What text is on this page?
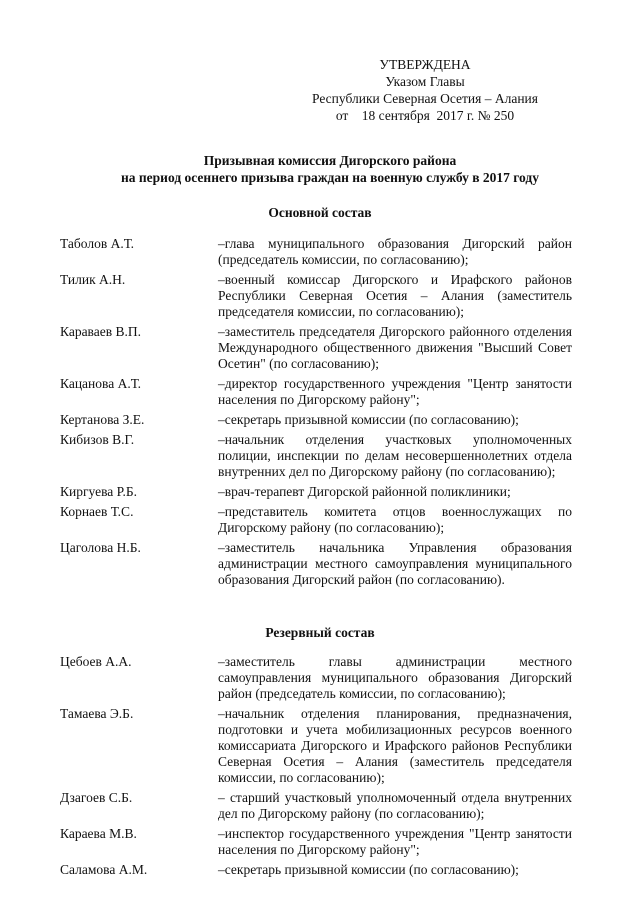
УТВЕРЖДЕНА
Указом Главы
Республики Северная Осетия – Алания
от    18 сентября  2017 г. № 250
Призывная комиссия Дигорского района
на период осеннего призыва граждан на военную службу в 2017 году
Основной состав
Таболов А.Т.	–глава муниципального образования Дигорский район (председатель комиссии, по согласованию);
Тилик А.Н.	–военный комиссар Дигорского и Ирафского районов Республики Северная Осетия – Алания (заместитель председателя комиссии, по согласованию);
Караваев В.П.	–заместитель председателя Дигорского районного отделения Международного общественного движения "Высший Совет Осетин" (по согласованию);
Кацанова А.Т.	–директор государственного учреждения "Центр занятости населения по Дигорскому району";
Кертанова З.Е.	–секретарь призывной комиссии (по согласованию);
Кибизов В.Г.	–начальник отделения участковых уполномоченных полиции, инспекции по делам несовершеннолетних отдела внутренних дел по Дигорскому району (по согласованию);
Киргуева Р.Б.	–врач-терапевт Дигорской районной поликлиники;
Корнаев Т.С.	–представитель комитета отцов военнослужащих по Дигорскому району (по согласованию);
Цаголова Н.Б.	–заместитель начальника Управления образования администрации местного самоуправления муниципального образования Дигорский район (по согласованию).
Резервный состав
Цебоев А.А.	–заместитель главы администрации местного самоуправления муниципального образования Дигорский район (председатель комиссии, по согласованию);
Тамаева Э.Б.	–начальник отделения планирования, предназначения, подготовки и учета мобилизационных ресурсов военного комиссариата Дигорского и Ирафского районов Республики Северная Осетия – Алания (заместитель председателя комиссии, по согласованию);
Дзагоев С.Б.	– старший участковый уполномоченный отдела внутренних дел по Дигорскому району (по согласованию);
Караева М.В.	–инспектор государственного учреждения "Центр занятости населения по Дигорскому району";
Саламова А.М.	–секретарь призывной комиссии (по согласованию);
